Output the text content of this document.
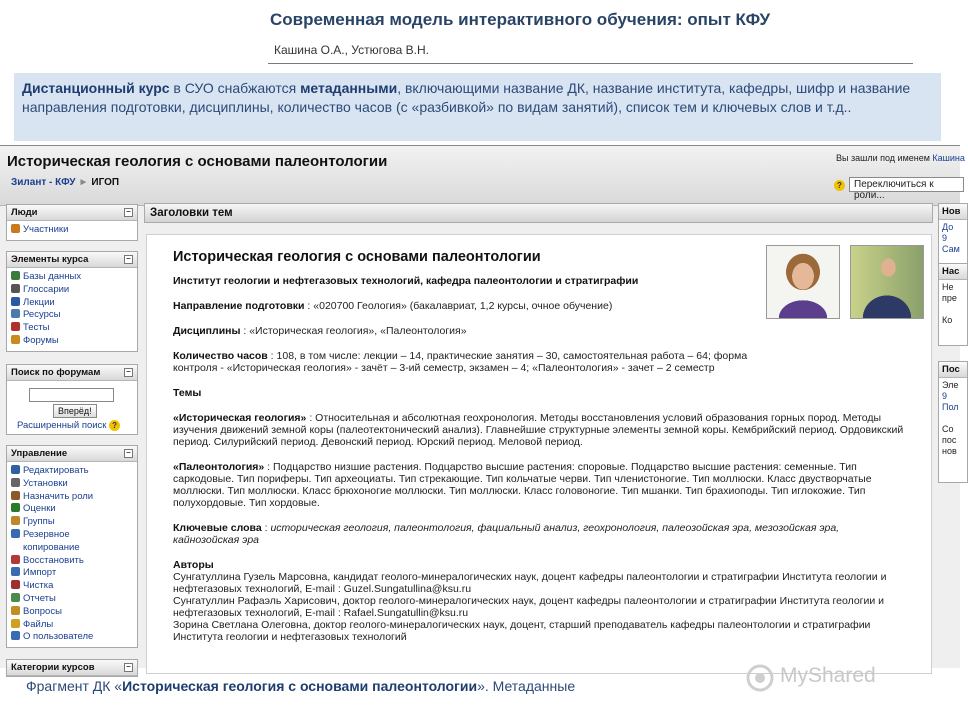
Современная модель интерактивного обучения: опыт КФУ
Кашина О.А., Устюгова В.Н.
Дистанционный курс в СУО снабжаются метаданными, включающими название ДК, название института, кафедры, шифр и название направления подготовки, дисциплины, количество часов (с «разбивкой» по видам занятий), список тем и ключевых слов и т.д..
Историческая геология с основами палеонтологии	Вы зашли под именем Кашина
Зилант - КФУ ► ИГОП	?	Переключиться к роли...
Люди	–
Участники
Элементы курса	–
Базы данных
Глоссарии
Лекции
Ресурсы
Тесты
Форумы
Поиск по форумам	–
Вперёд!
Расширенный поиск ?
Управление	–
Редактировать
Установки
Назначить роли
Оценки
Группы
Резервное
копирование
Восстановить
Импорт
Чистка
Отчеты
Вопросы
Файлы
О пользователе
Категории курсов	–
Заголовки тем
Историческая геология с основами палеонтологии

Институт геологии и нефтегазовых технологий, кафедра палеонтологии и стратиграфии

Направление подготовки : «020700 Геология» (бакалавриат, 1,2 курсы, очное обучение)

Дисциплины : «Историческая геология», «Палеонтология»

Количество часов : 108, в том числе: лекции – 14, практические занятия – 30, самостоятельная работа – 64; форма контроля - «Историческая геология» - зачёт – 3-ий семестр, экзамен – 4; «Палеонтология» - зачет – 2 семестр

Темы

«Историческая геология» : Относительная и абсолютная геохронология. Методы восстановления условий образования горных пород. Методы изучения движений земной коры (палеотектонический анализ). Главнейшие структурные элементы земной коры. Кембрийский период. Ордовикский период. Силурийский период. Девонский период. Юрский период. Меловой период.

«Палеонтология» : Подцарство низшие растения. Подцарство высшие растения: споровые. Подцарство высшие растения: семенные. Тип саркодовые. Тип пориферы. Тип археоциаты. Тип стрекающие. Тип кольчатые черви. Тип членистоногие. Тип моллюски. Класс двустворчатые моллюски. Тип моллюски. Класс брюхоногие моллюски. Тип моллюски. Класс головоногие. Тип мшанки. Тип брахиоподы. Тип иглокожие. Тип полухордовые. Тип хордовые.

Ключевые слова : историческая геология, палеонтология, фациальный анализ, геохронология, палеозойская эра, мезозойская эра, кайнозойская эра

Авторы
Сунгатуллина Гузель Марсовна, кандидат геолого-минералогических наук, доцент кафедры палеонтологии и стратиграфии Института геологии и нефтегазовых технологий, E-mail : Guzel.Sungatullina@ksu.ru
Сунгатуллин Рафаэль Харисович, доктор геолого-минералогических наук, доцент кафедры палеонтологии и стратиграфии Института геологии и нефтегазовых технологий, E-mail : Rafael.Sungatullin@ksu.ru
Зорина Светлана Олеговна, доктор геолого-минералогических наук, доцент, старший преподаватель кафедры палеонтологии и стратиграфии Института геологии и нефтегазовых технологий

Нов
До
9
Сам
Нас
Не
пре

Ко
Пос
Эле
9
Пол

Со
пос
нов
Фрагмент ДК «Историческая геология с основами палеонтологии». Метаданные	MyShared
